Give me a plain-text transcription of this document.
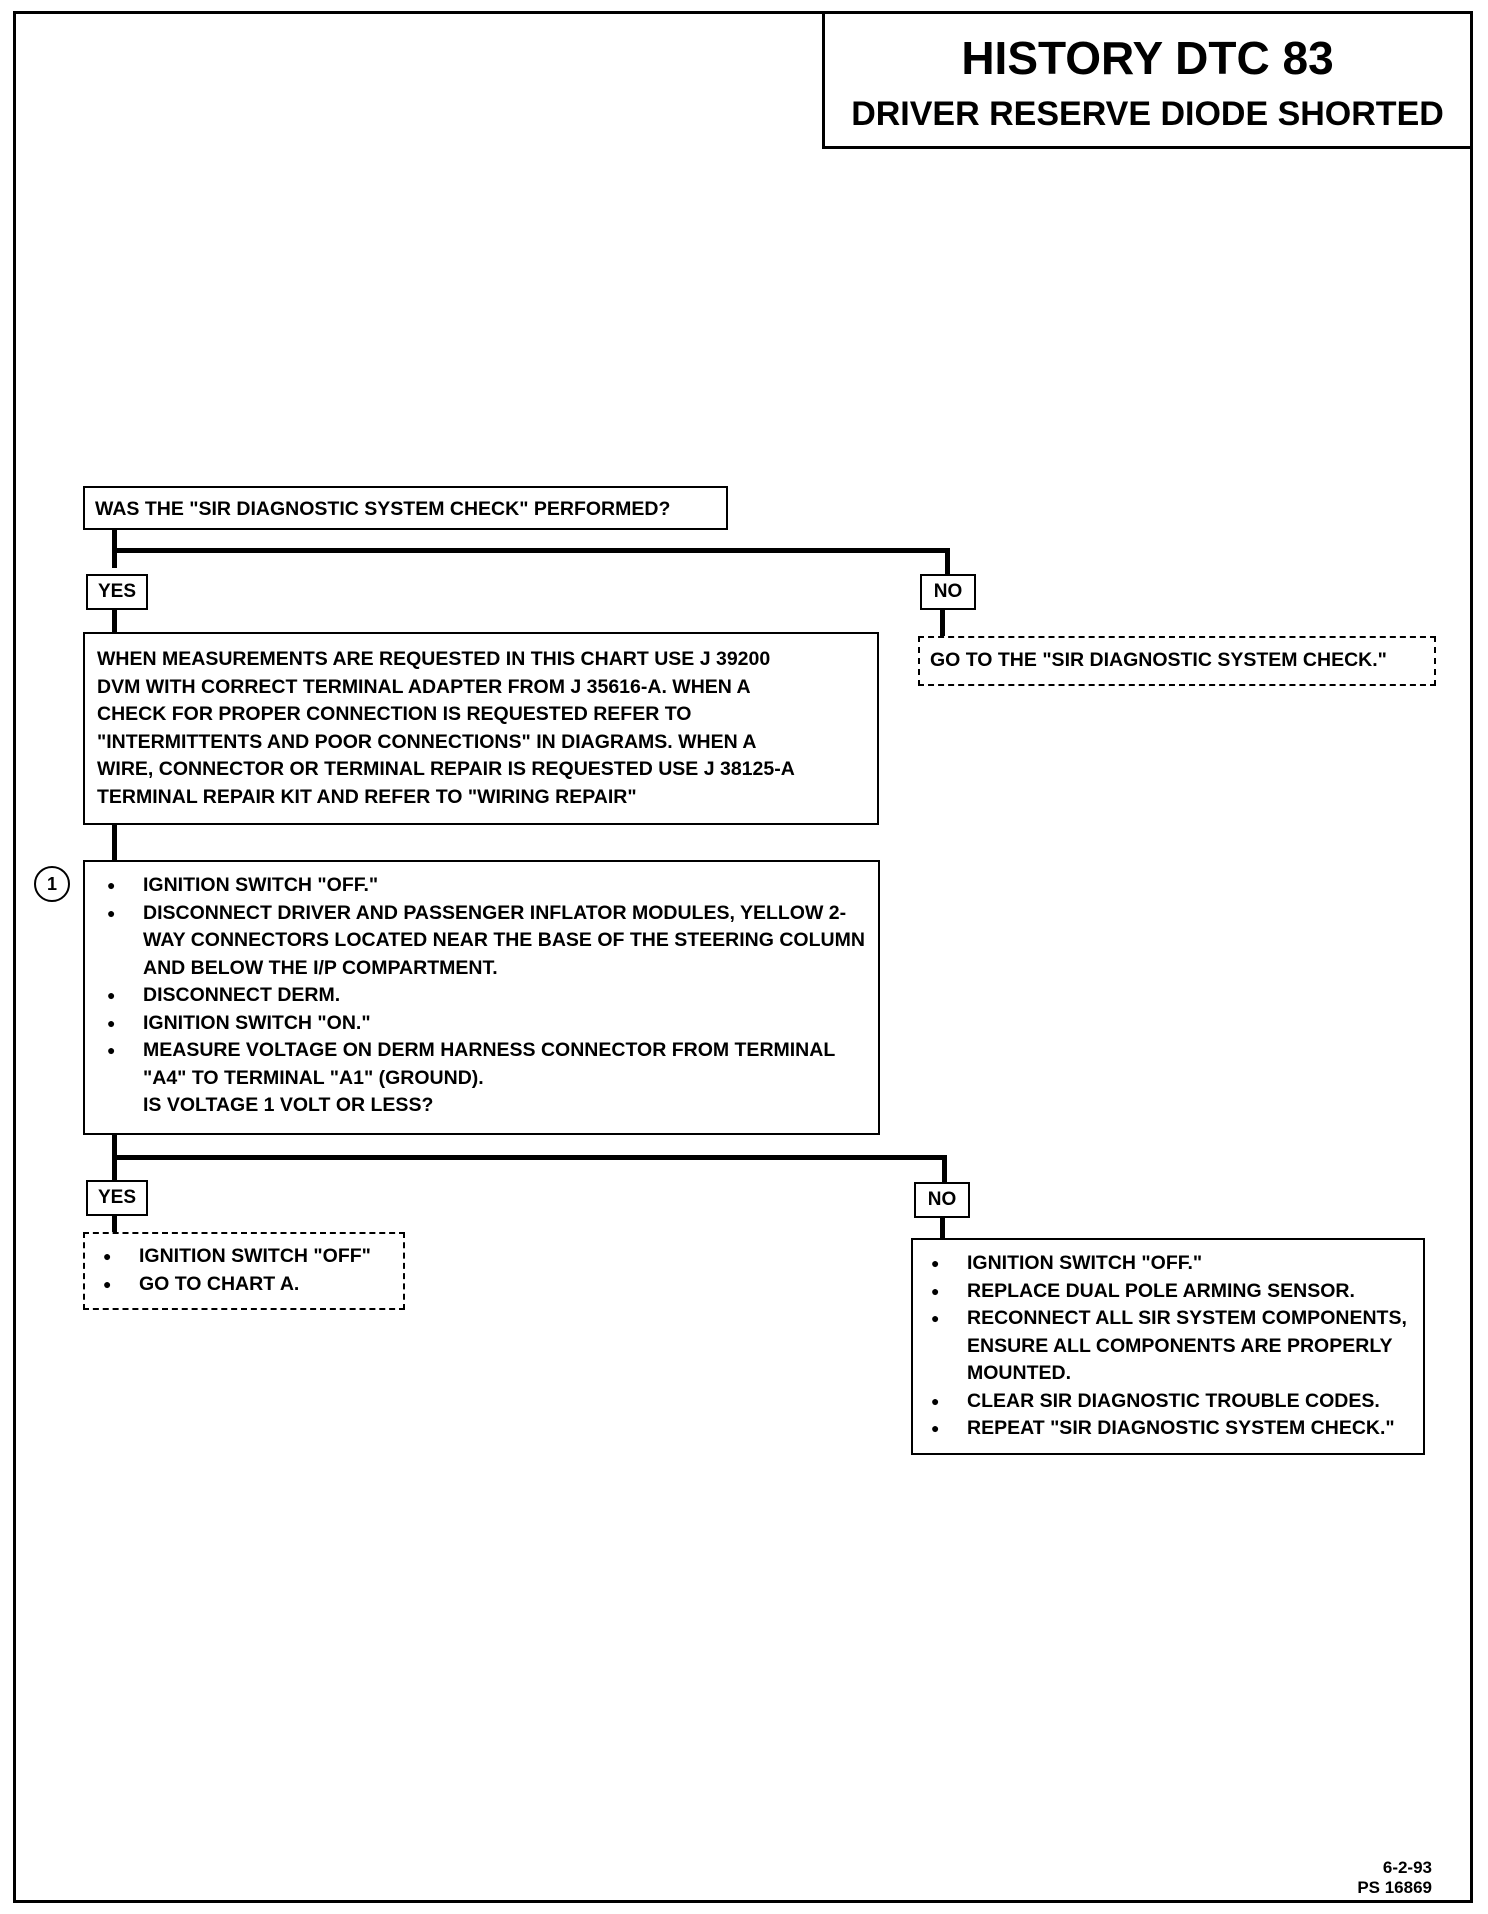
HISTORY DTC 83
DRIVER RESERVE DIODE SHORTED
WAS THE "SIR DIAGNOSTIC SYSTEM CHECK" PERFORMED?
YES	NO
GO TO THE "SIR DIAGNOSTIC SYSTEM CHECK."
WHEN MEASUREMENTS ARE REQUESTED IN THIS CHART USE J 39200
DVM WITH CORRECT TERMINAL ADAPTER FROM J 35616-A. WHEN A
CHECK FOR PROPER CONNECTION IS REQUESTED REFER TO
"INTERMITTENTS AND POOR CONNECTIONS" IN DIAGRAMS. WHEN A
WIRE, CONNECTOR OR TERMINAL REPAIR IS REQUESTED USE J 38125-A
TERMINAL REPAIR KIT AND REFER TO "WIRING REPAIR"
1
●	IGNITION SWITCH "OFF."
● DISCONNECT DRIVER AND PASSENGER INFLATOR MODULES, YELLOW 2-WAY CONNECTORS LOCATED NEAR THE BASE OF THE STEERING COLUMN AND BELOW THE I/P COMPARTMENT.
● DISCONNECT DERM.
● IGNITION SWITCH "ON."
● MEASURE VOLTAGE ON DERM HARNESS CONNECTOR FROM TERMINAL "A4" TO TERMINAL "A1" (GROUND).
IS VOLTAGE 1 VOLT OR LESS?
YES	NO
● IGNITION SWITCH "OFF"
● GO TO CHART A.
● IGNITION SWITCH "OFF."
● REPLACE DUAL POLE ARMING SENSOR.
● RECONNECT ALL SIR SYSTEM COMPONENTS, ENSURE ALL COMPONENTS ARE PROPERLY MOUNTED.
● CLEAR SIR DIAGNOSTIC TROUBLE CODES.
● REPEAT "SIR DIAGNOSTIC SYSTEM CHECK."
6-2-93
PS 16869
